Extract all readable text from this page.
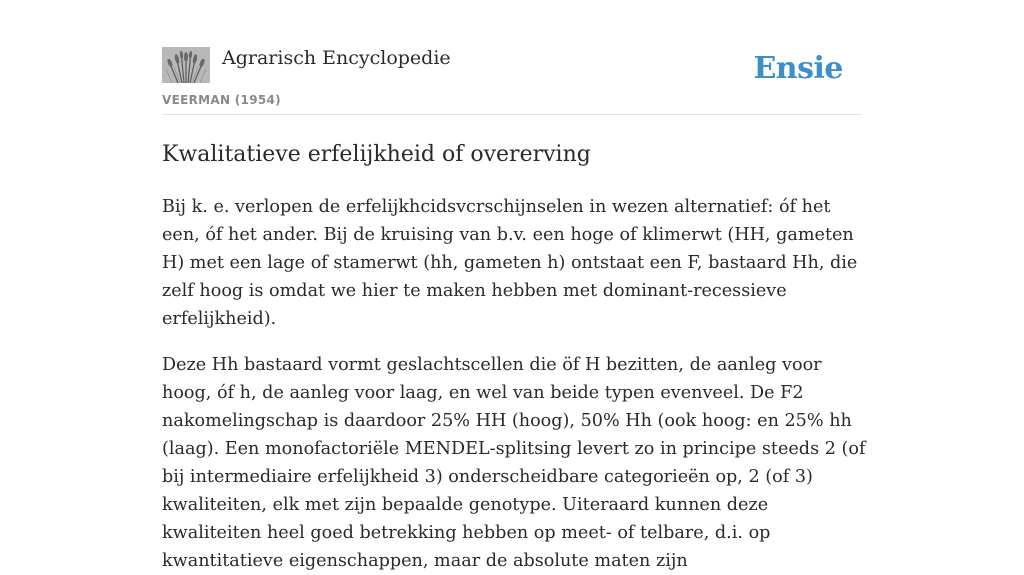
Agrarisch Encyclopedie
VEERMAN (1954)
Ensie
Kwalitatieve erfelijkheid of overerving

Bij k. e. verlopen de erfelijkhcidsvcrschijnselen in wezen alternatief: óf het een, óf het ander. Bij de kruising van b.v. een hoge of klimerwt (HH, gameten H) met een lage of stamerwt (hh, gameten h) ontstaat een F, bastaard Hh, die zelf hoog is omdat we hier te maken hebben met dominant-recessieve erfelijkheid).

Deze Hh bastaard vormt geslachtscellen die öf H bezitten, de aanleg voor hoog, óf h, de aanleg voor laag, en wel van beide typen evenveel. De F2 nakomelingschap is daardoor 25% HH (hoog), 50% Hh (ook hoog: en 25% hh (laag). Een monofactoriële MENDEL-splitsing levert zo in principe steeds 2 (of bij intermediaire erfelijkheid 3) onderscheidbare categorieën op, 2 (of 3) kwaliteiten, elk met zijn bepaalde genotype. Uiteraard kunnen deze kwaliteiten heel goed betrekking hebben op meet- of telbare, d.i. op kwantitatieve eigenschappen, maar de absolute maten zijn
